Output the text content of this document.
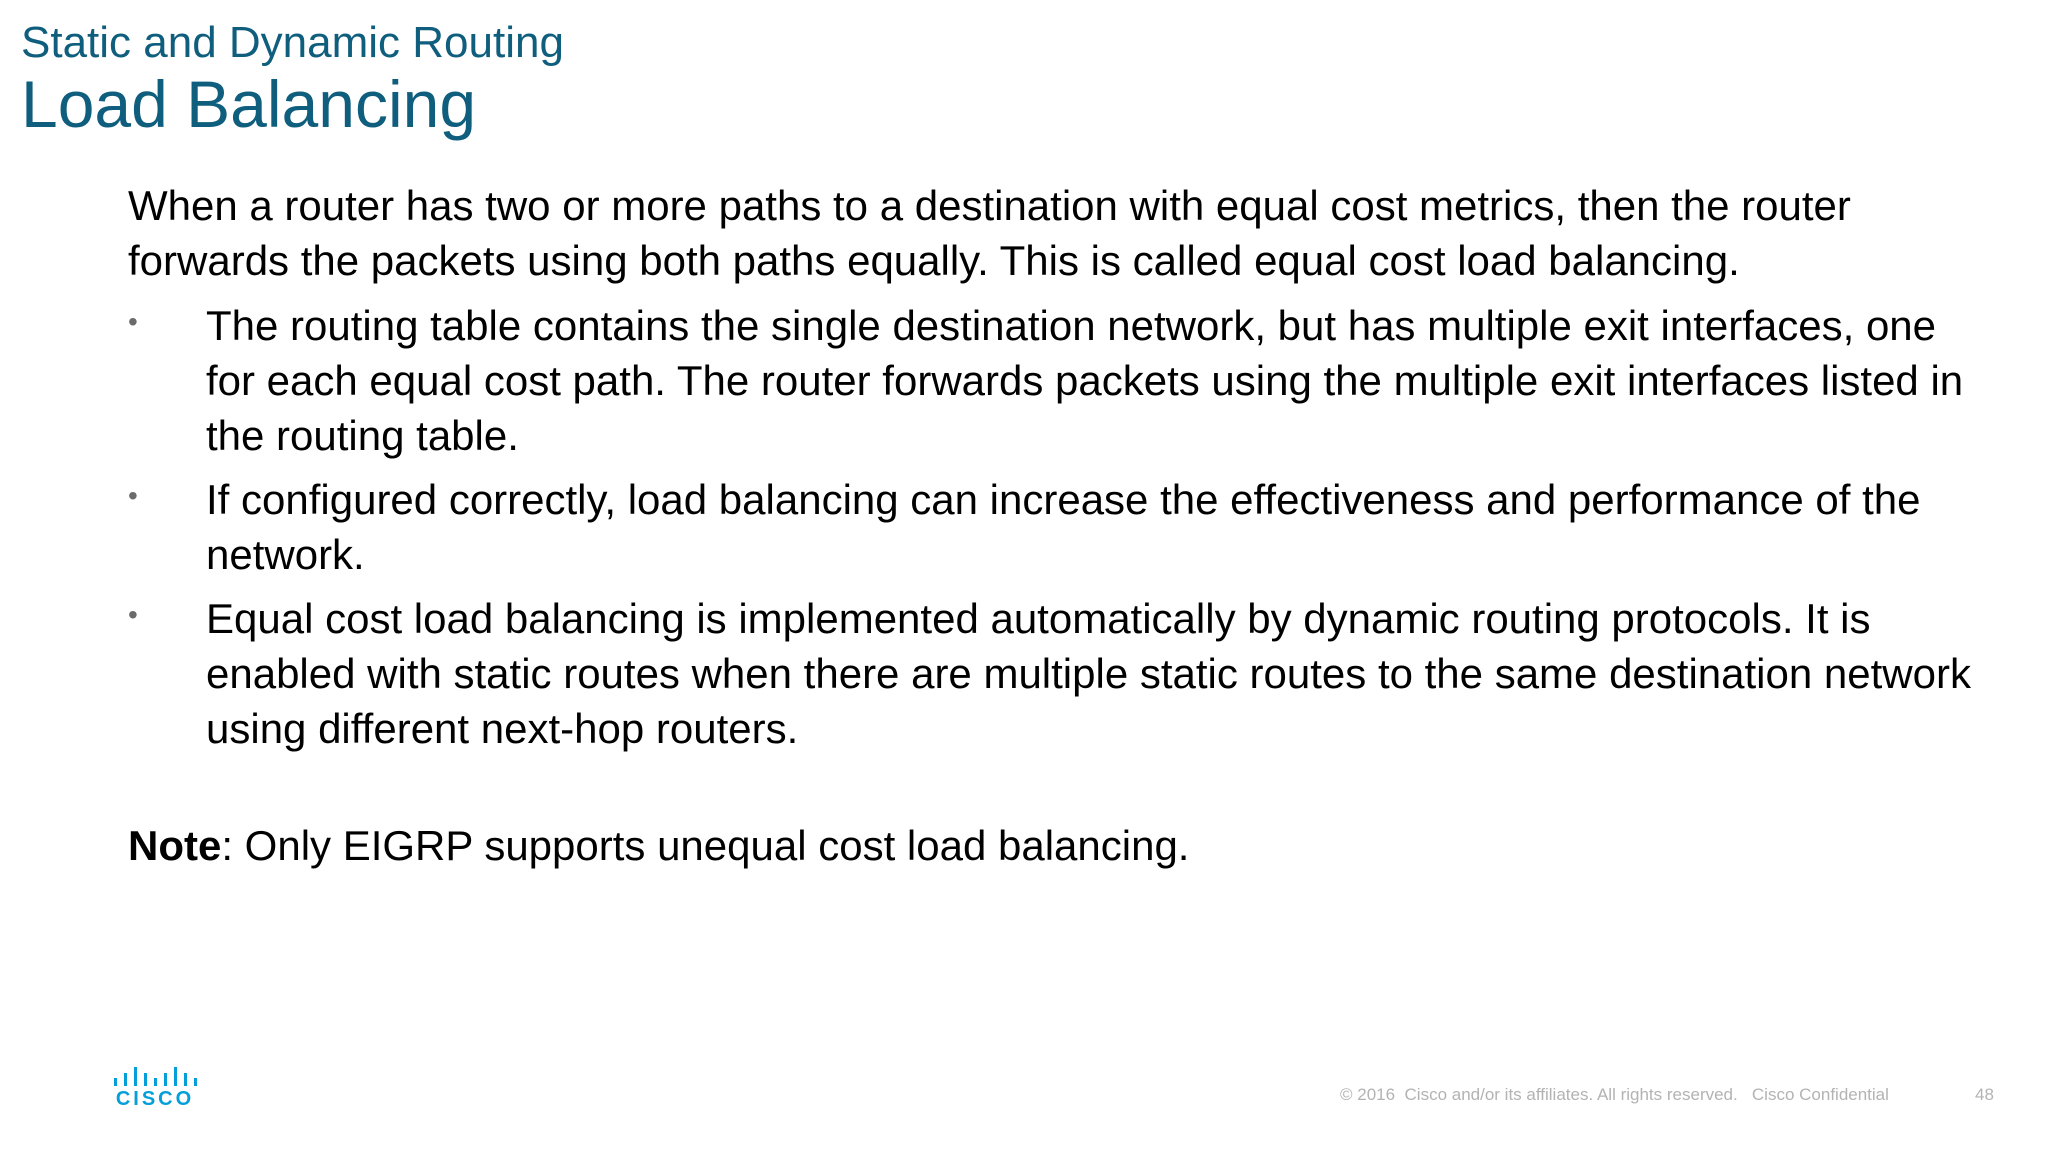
Static and Dynamic Routing
Load Balancing

When a router has two or more paths to a destination with equal cost metrics, then the router forwards the packets using both paths equally. This is called equal cost load balancing.

• The routing table contains the single destination network, but has multiple exit interfaces, one for each equal cost path. The router forwards packets using the multiple exit interfaces listed in the routing table.
• If configured correctly, load balancing can increase the effectiveness and performance of the network.
• Equal cost load balancing is implemented automatically by dynamic routing protocols. It is enabled with static routes when there are multiple static routes to the same destination network using different next-hop routers.

Note: Only EIGRP supports unequal cost load balancing.

CISCO	© 2016  Cisco and/or its affiliates. All rights reserved.   Cisco Confidential	48
